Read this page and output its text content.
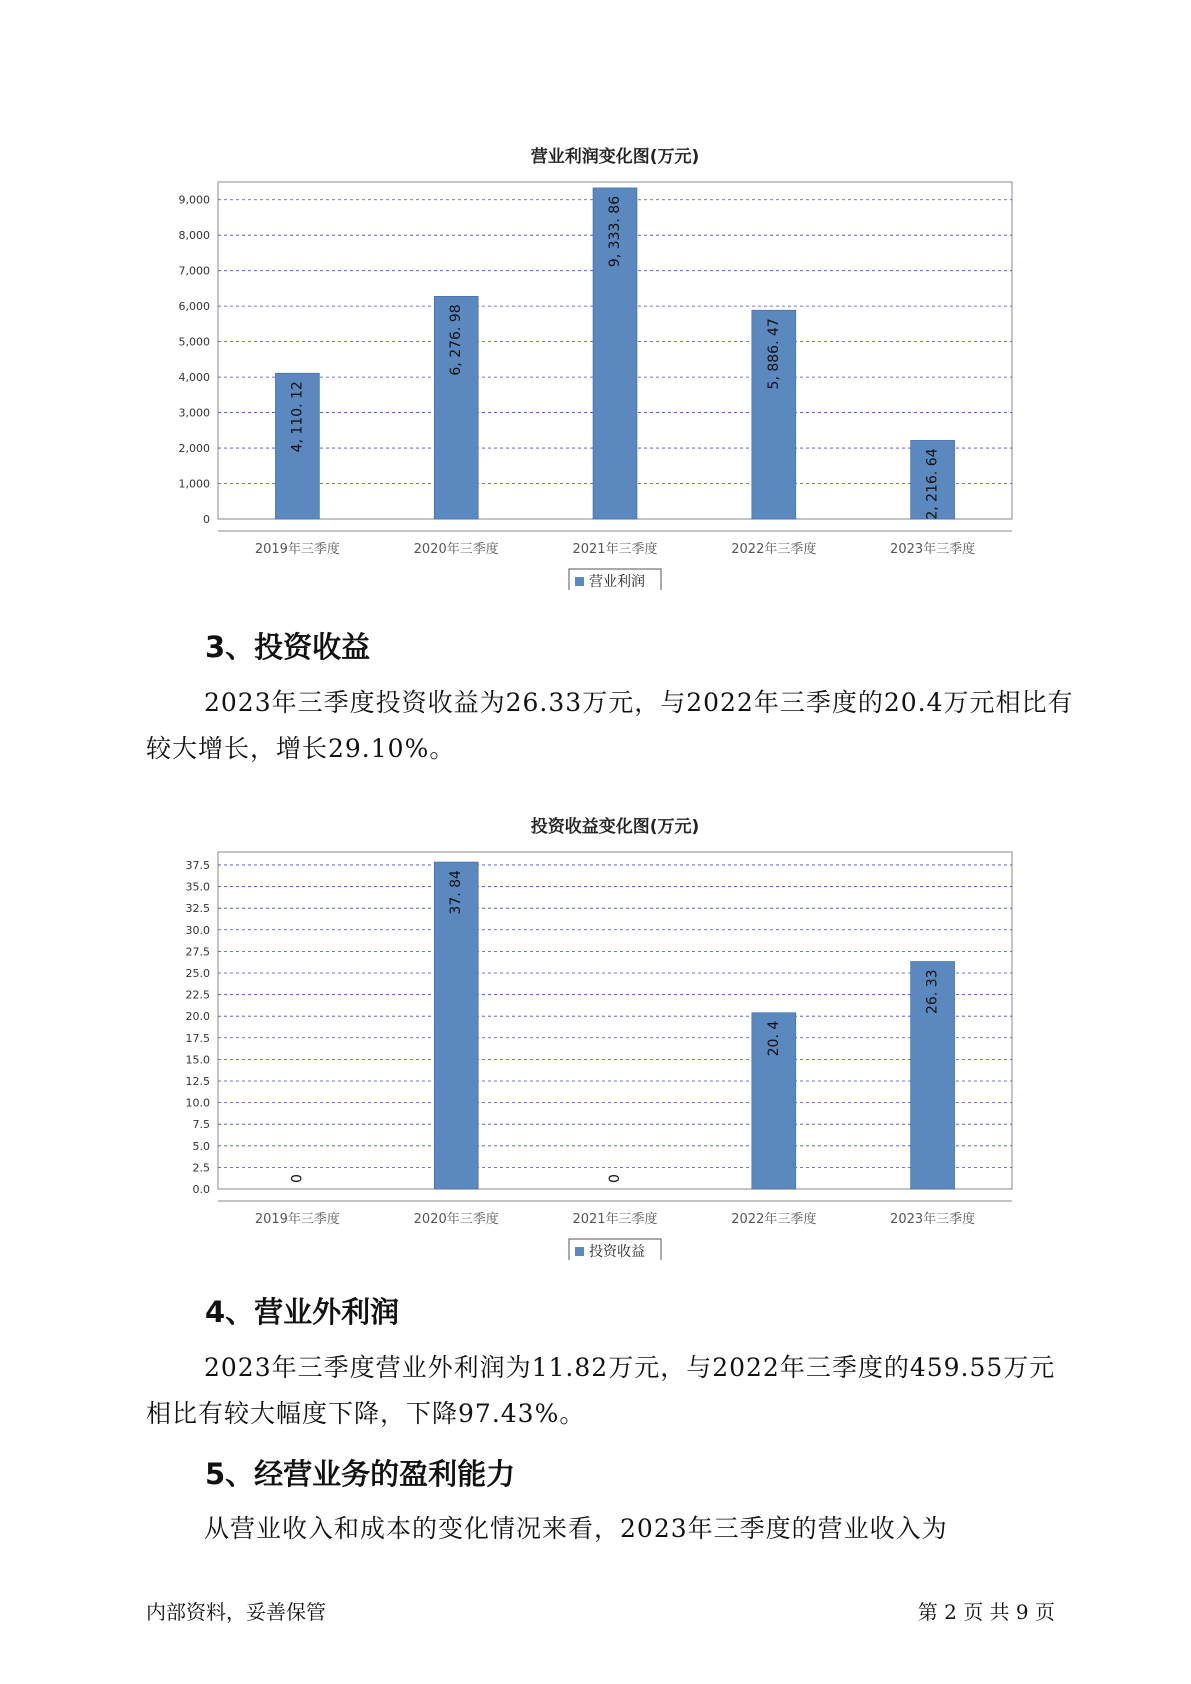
营业利润变化图(万元)
0
1,000
2,000
3,000
4,000
5,000
6,000
7,000
8,000
9,000
4, 110. 12
2019年三季度
6, 276. 98
2020年三季度
9, 333. 86
2021年三季度
5, 886. 47
2022年三季度
2, 216. 64
2023年三季度
营业利润
3、投资收益

2023年三季度投资收益为26.33万元，与2022年三季度的20.4万元相比有较大增长，增长29.10%。

投资收益变化图(万元)
0.0
2.5
5.0
7.5
10.0
12.5
15.0
17.5
20.0
22.5
25.0
27.5
30.0
32.5
35.0
37.5
0
2019年三季度
37. 84
2020年三季度
0
2021年三季度
20. 4
2022年三季度
26. 33
2023年三季度
投资收益
4、营业外利润

2023年三季度营业外利润为11.82万元，与2022年三季度的459.55万元相比有较大幅度下降，下降97.43%。

5、经营业务的盈利能力

从营业收入和成本的变化情况来看，2023年三季度的营业收入为

内部资料，妥善保管	第 2 页 共 9 页
